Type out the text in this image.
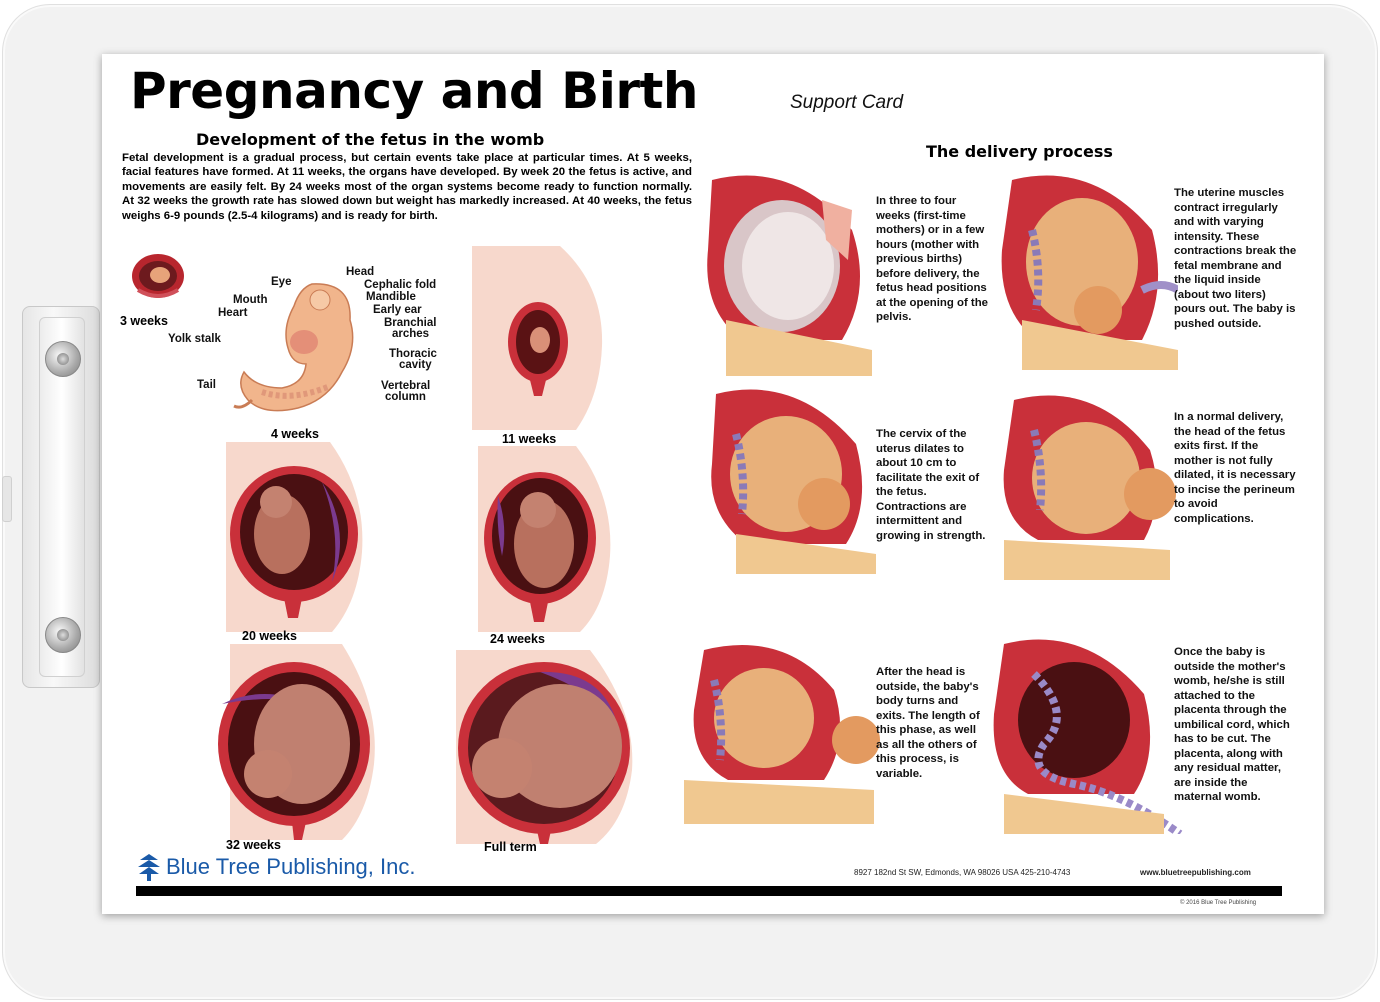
Pregnancy and Birth	Support Card
Development of the fetus in the womb

Fetal development is a gradual process, but certain events take place at particular times. At 5 weeks, facial features have formed. At 11 weeks, the organs have developed. By week 20 the fetus is active, and movements are easily felt. By 24 weeks most of the organ systems become ready to function normally. At 32 weeks the growth rate has slowed down but weight has markedly increased. At 40 weeks, the fetus weighs 6-9 pounds (2.5-4 kilograms) and is ready for birth.

The delivery process
3 weeks
Head
Eye	Cephalic fold
Mandible
Mouth
Early ear
Heart
Branchial
arches
Yolk stalk
Thoracic
cavity
Tail	Vertebral
column
4 weeks	11 weeks
20 weeks	24 weeks
32 weeks	Full term

In three to four weeks (first-time mothers) or in a few hours (mother with previous births) before delivery, the fetus head positions at the opening of the pelvis.

The uterine muscles contract irregularly and with varying intensity. These contractions break the fetal membrane and the liquid inside (about two liters) pours out. The baby is pushed outside.

The cervix of the uterus dilates to about 10 cm to facilitate the exit of the fetus. Contractions are intermittent and growing in strength.

In a normal delivery, the head of the fetus exits first. If the mother is not fully dilated, it is necessary to incise the perineum to avoid complications.

After the head is outside, the baby's body turns and exits. The length of this phase, as well as all the others of this process, is variable.

Once the baby is outside the mother's womb, he/she is still attached to the placenta through the umbilical cord, which has to be cut. The placenta, along with any residual matter, are inside the maternal womb.

Blue Tree Publishing, Inc.	8927 182nd St SW, Edmonds, WA 98026 USA 425-210-4743	www.bluetreepublishing.com
© 2016 Blue Tree Publishing
